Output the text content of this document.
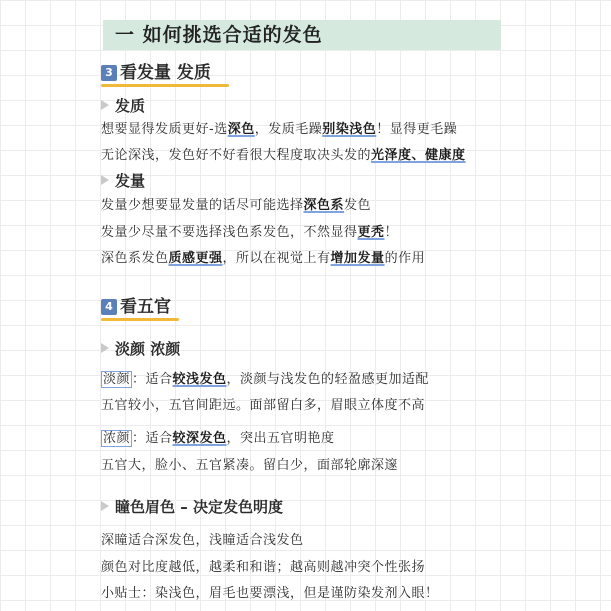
一 如何挑选合适的发色
3 看发量 发质
发质
想要显得发质更好-选深色，发质毛躁别染浅色！显得更毛躁
无论深浅，发色好不好看很大程度取决头发的光泽度、健康度
发量
发量少想要显发量的话尽可能选择深色系发色
发量少尽量不要选择浅色系发色，不然显得更秃！
深色系发色质感更强，所以在视觉上有增加发量的作用
4 看五官
淡颜 浓颜
淡颜 ：适合较浅发色，淡颜与浅发色的轻盈感更加适配
五官较小，五官间距远。面部留白多，眉眼立体度不高
浓颜 ：适合较深发色，突出五官明艳度
五官大，脸小、五官紧凑。留白少，面部轮廓深邃
瞳色眉色 – 决定发色明度
深瞳适合深发色，浅瞳适合浅发色
颜色对比度越低，越柔和和谐；越高则越冲突个性张扬
小贴士：染浅色，眉毛也要漂浅，但是谨防染发剂入眼！
